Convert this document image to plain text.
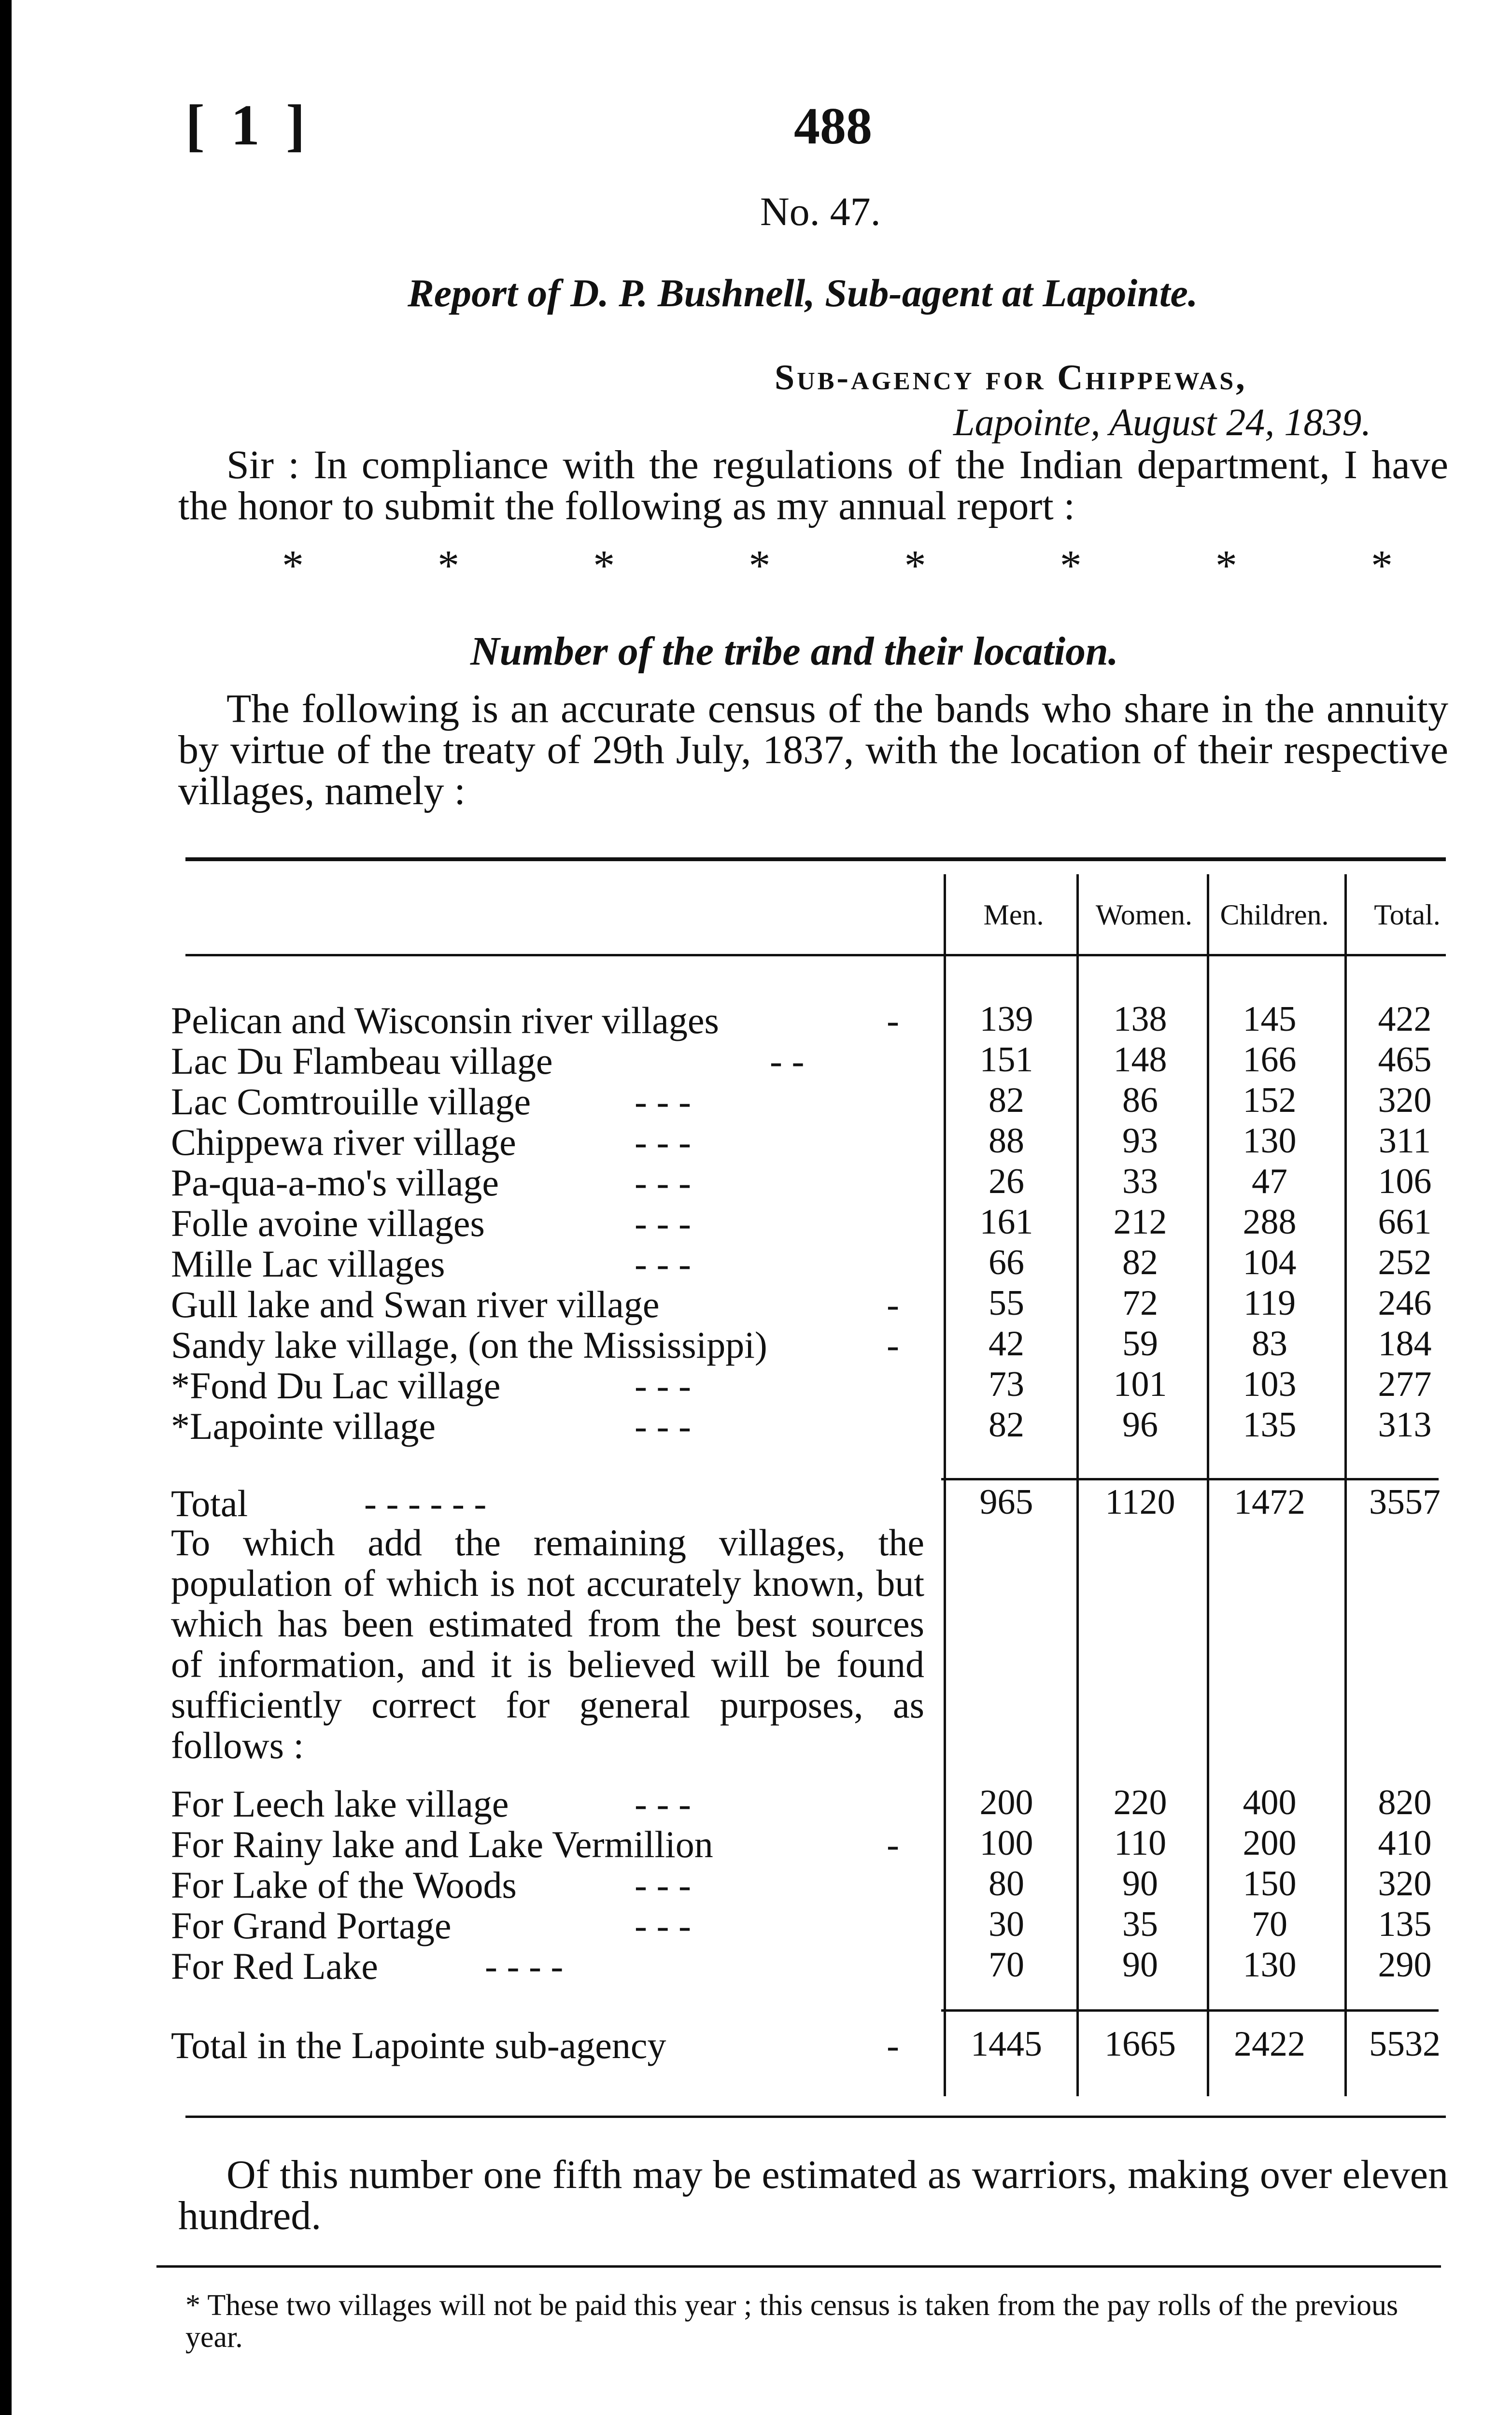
[ 1 ]	488
No. 47.
Report of D. P. Bushnell, Sub-agent at Lapointe.
Sub-agency for Chippewas,
Lapointe, August 24, 1839.
Sir : In compliance with the regulations of the Indian department, I have the honor to submit the following as my annual report :
*	*	*	*	*	*	*	*
Number of the tribe and their location.
The following is an accurate census of the bands who share in the annuity by virtue of the treaty of 29th July, 1837, with the location of their respective villages, namely :
Men.	Women. Children.	Total.
Pelican and Wisconsin river villages	-	139	138	145	422
Lac Du Flambeau village	- -	151	148	166	465
Lac Comtrouille village	- - -	82	86	152	320
Chippewa river village	- - -	88	93	130	311
Pa-qua-a-mo's village	- - -	26	33	47	106
Folle avoine villages	- - -	161	212	288	661
Mille Lac villages	- - -	66	82	104	252
Gull lake and Swan river village	-	55	72	119	246
Sandy lake village, (on the Mississippi)	-	42	59	83	184
*Fond Du Lac village	- - -	73	101	103	277
*Lapointe village	- - -	82	96	135	313
Total	- - - - - -	965	1120	1472	3557
To which add the remaining villages, the population of which is not accurately known, but which has been estimated from the best sources of information, and it is believed will be found sufficiently correct for general purposes, as follows :
For Leech lake village	- - -	200	220	400	820
For Rainy lake and Lake Vermillion	-	100	110	200	410
For Lake of the Woods	- - -	80	90	150	320
For Grand Portage	- - -	30	35	70	135
For Red Lake	- - - -	70	90	130	290
Total in the Lapointe sub-agency	-	1445	1665	2422	5532
Of this number one fifth may be estimated as warriors, making over eleven hundred.
* These two villages will not be paid this year ; this census is taken from the pay rolls of the previous year.
